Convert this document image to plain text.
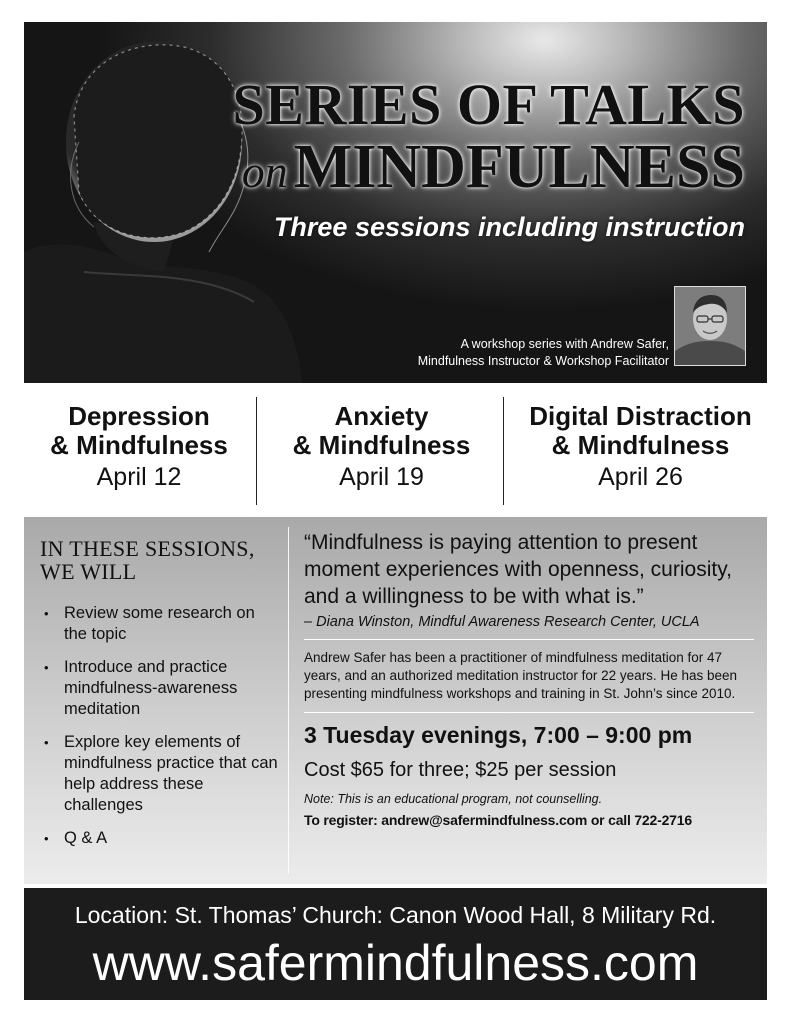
SERIES OF TALKS
onMINDFULNESS
Three sessions including instruction
A workshop series with Andrew Safer,
Mindfulness Instructor & Workshop Facilitator
Depression
& Mindfulness
April 12
Anxiety
& Mindfulness
April 19
Digital Distraction
& Mindfulness
April 26
IN THESE SESSIONS,
WE WILL
• Review some research on the topic
• Introduce and practice mindfulness-awareness meditation
• Explore key elements of mindfulness practice that can help address these challenges
• Q & A
“Mindfulness is paying attention to present moment experiences with openness, curiosity, and a willingness to be with what is.”
– Diana Winston, Mindful Awareness Research Center, UCLA
Andrew Safer has been a practitioner of mindfulness meditation for 47 years, and an authorized meditation instructor for 22 years. He has been presenting mindfulness workshops and training in St. John’s since 2010.
3 Tuesday evenings, 7:00 – 9:00 pm
Cost $65 for three; $25 per session
Note: This is an educational program, not counselling.
To register: andrew@safermindfulness.com or call 722-2716
Location: St. Thomas’ Church: Canon Wood Hall, 8 Military Rd.
www.safermindfulness.com
